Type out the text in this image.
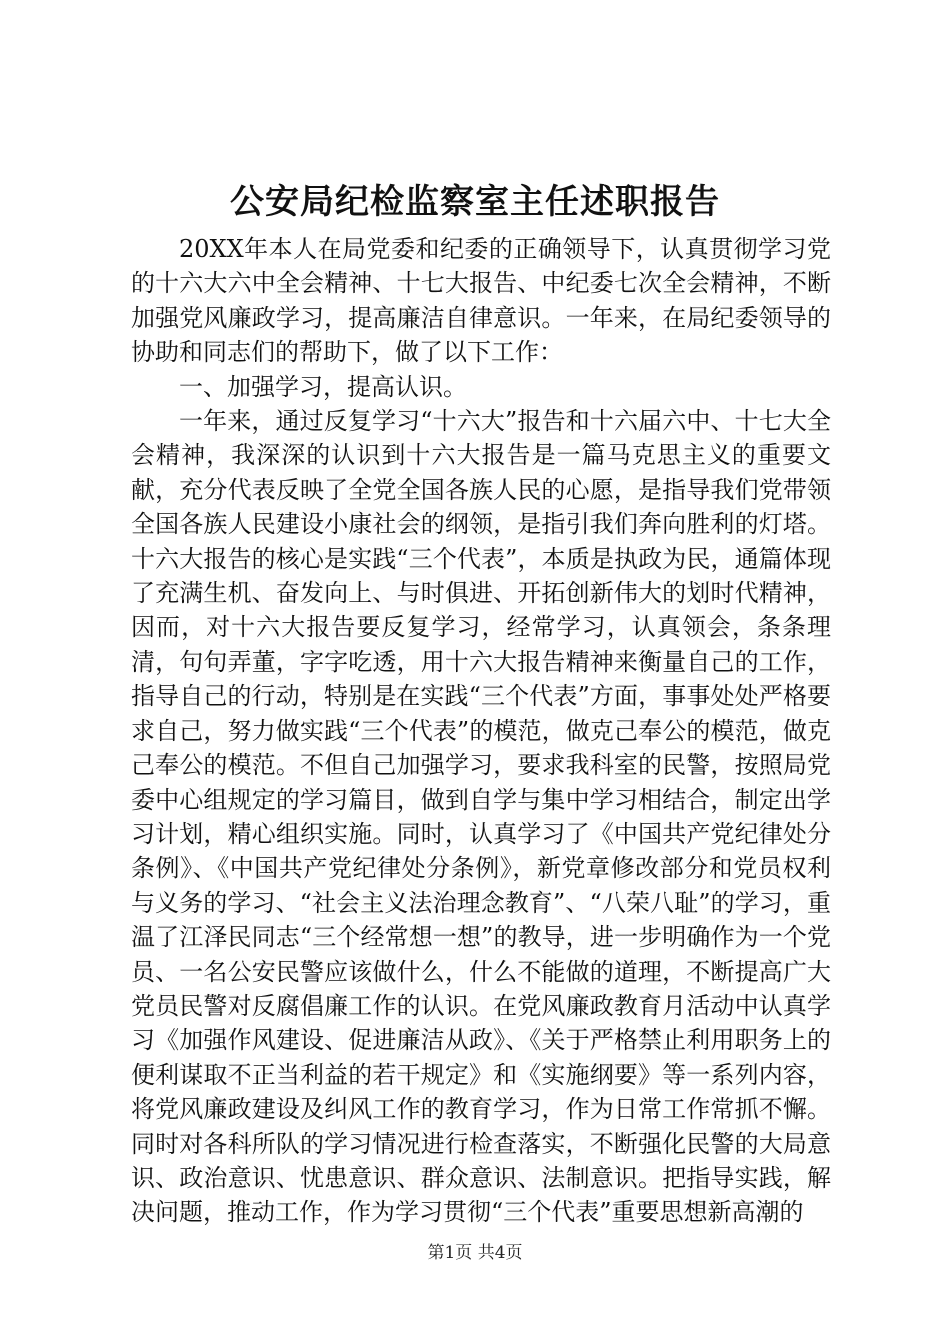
公安局纪检监察室主任述职报告

20XX年本人在局党委和纪委的正确领导下，认真贯彻学习党的十六大六中全会精神、十七大报告、中纪委七次全会精神，不断加强党风廉政学习，提高廉洁自律意识。一年来，在局纪委领导的协助和同志们的帮助下，做了以下工作：

一、加强学习，提高认识。

一年来，通过反复学习“十六大”报告和十六届六中、十七大全会精神，我深深的认识到十六大报告是一篇马克思主义的重要文献，充分代表反映了全党全国各族人民的心愿，是指导我们党带领全国各族人民建设小康社会的纲领，是指引我们奔向胜利的灯塔。十六大报告的核心是实践“三个代表”，本质是执政为民，通篇体现了充满生机、奋发向上、与时俱进、开拓创新伟大的划时代精神，因而，对十六大报告要反复学习，经常学习，认真领会，条条理清，句句弄董，字字吃透，用十六大报告精神来衡量自己的工作，指导自己的行动，特别是在实践“三个代表”方面，事事处处严格要求自己，努力做实践“三个代表”的模范，做克己奉公的模范，做克己奉公的模范。不但自己加强学习，要求我科室的民警，按照局党委中心组规定的学习篇目，做到自学与集中学习相结合，制定出学习计划，精心组织实施。同时，认真学习了《中国共产党纪律处分条例》、《中国共产党纪律处分条例》，新党章修改部分和党员权利与义务的学习、“社会主义法治理念教育”、“八荣八耻”的学习，重温了江泽民同志“三个经常想一想”的教导，进一步明确作为一个党员、一名公安民警应该做什么，什么不能做的道理，不断提高广大党员民警对反腐倡廉工作的认识。在党风廉政教育月活动中认真学习《加强作风建设、促进廉洁从政》、《关于严格禁止利用职务上的便利谋取不正当利益的若干规定》和《实施纲要》等一系列内容，将党风廉政建设及纠风工作的教育学习，作为日常工作常抓不懈。同时对各科所队的学习情况进行检查落实，不断强化民警的大局意识、政治意识、忧患意识、群众意识、法制意识。把指导实践，解决问题，推动工作，作为学习贯彻“三个代表”重要思想新高潮的

第1页 共4页
